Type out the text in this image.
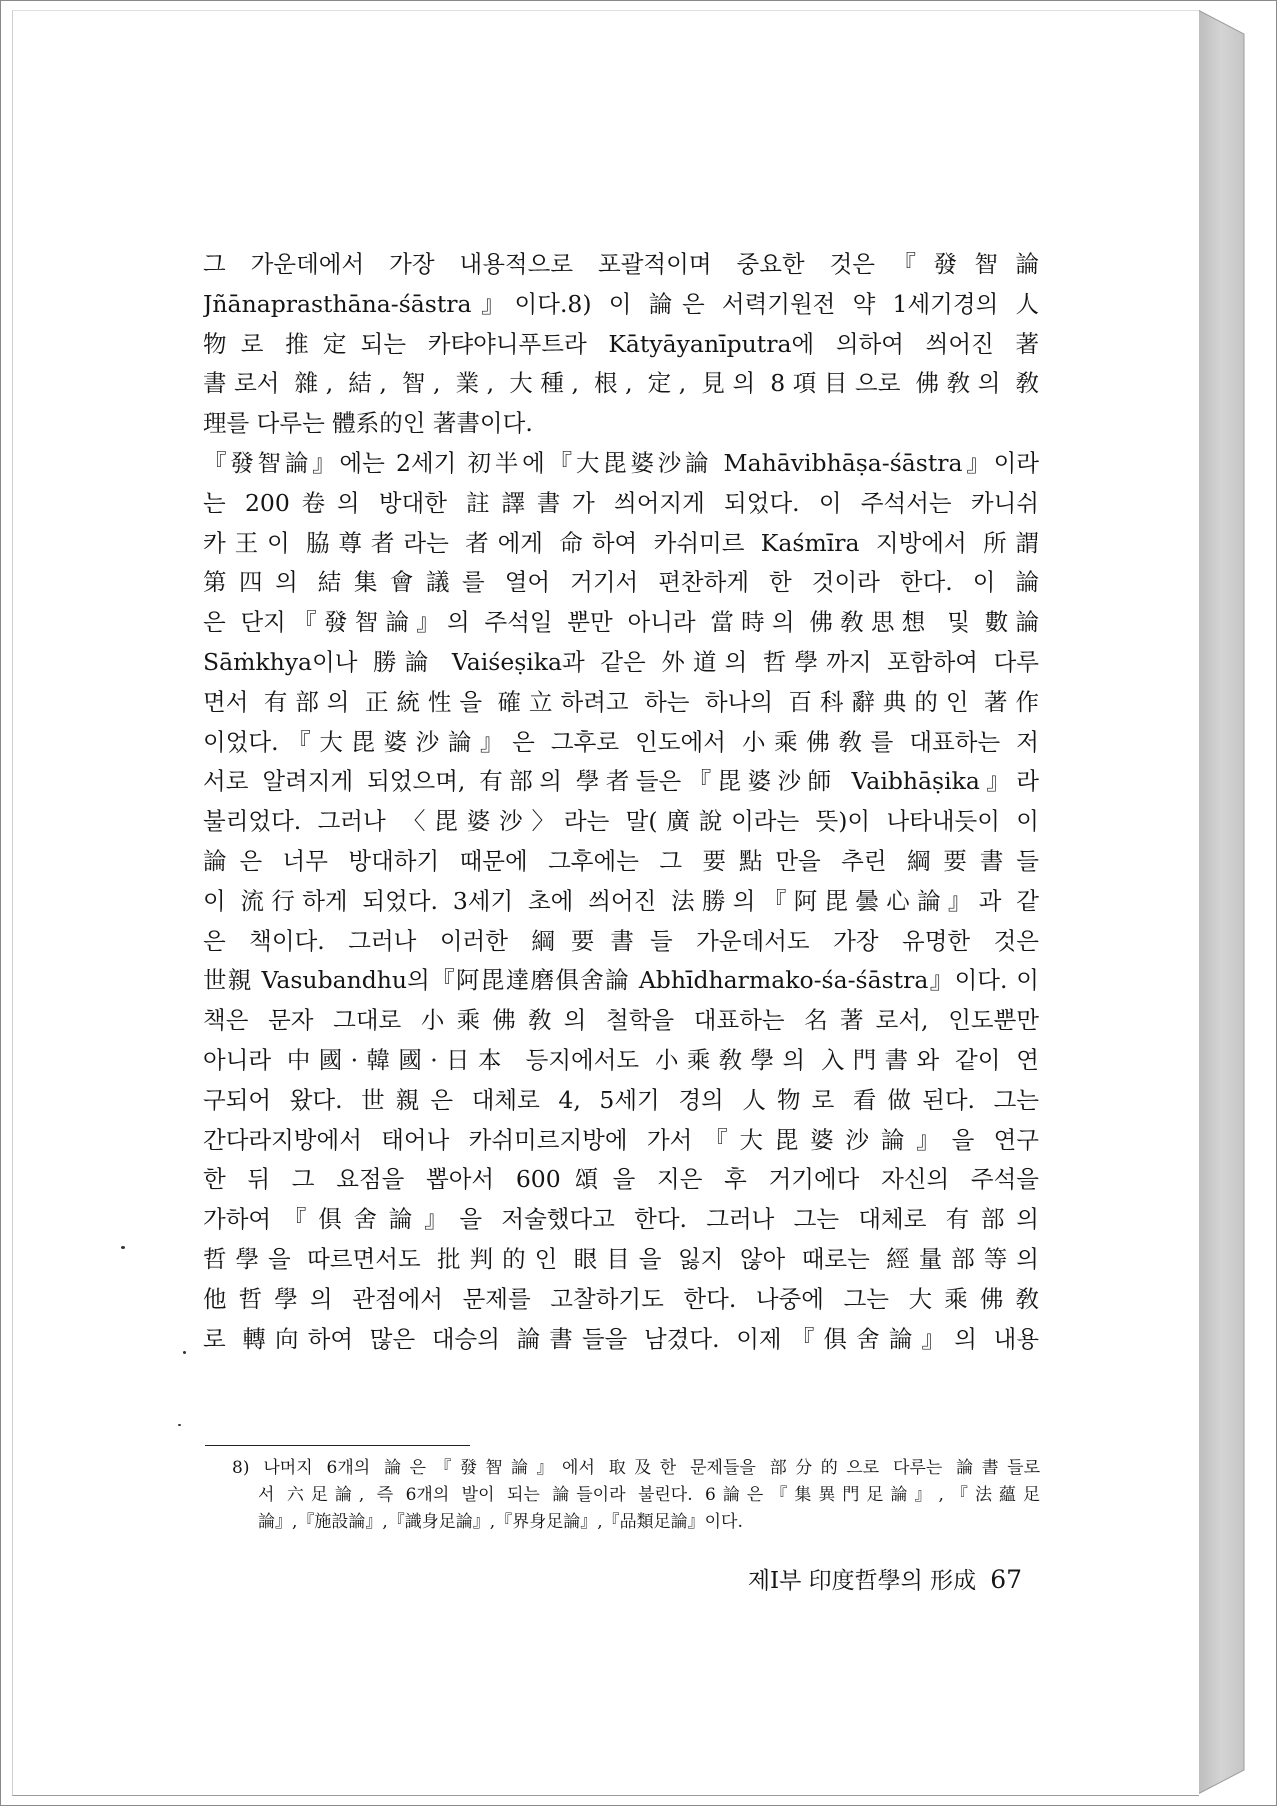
그 가운데에서 가장 내용적으로 포괄적이며 중요한 것은『發智論
Jñānaprasthāna-śāstra』이다.8) 이 論은 서력기원전 약 1세기경의 人
物로 推定되는 카탸야니푸트라 Kātyāyanīputra에 의하여 씌어진 著
書로서 雜, 結, 智, 業, 大種, 根, 定, 見의 8項目으로 佛敎의 敎
理를 다루는 體系的인 著書이다.
『發智論』에는 2세기 初半에『大毘婆沙論 Mahāvibhāṣa-śāstra』이라
는 200卷의 방대한 註譯書가 씌어지게 되었다. 이 주석서는 카니쉬
카王이 脇尊者라는 者에게 命하여 카쉬미르 Kaśmīra 지방에서 所謂
第四의 結集會議를 열어 거기서 편찬하게 한 것이라 한다. 이 論
은 단지『發智論』의 주석일 뿐만 아니라 當時의 佛敎思想 및 數論
Sāṁkhya이나 勝論 Vaiśeṣika과 같은 外道의 哲學까지 포함하여 다루
면서 有部의 正統性을 確立하려고 하는 하나의 百科辭典的인 著作
이었다.『大毘婆沙論』은 그후로 인도에서 小乘佛敎를 대표하는 저
서로 알려지게 되었으며, 有部의 學者들은『毘婆沙師 Vaibhāṣika』라
불리었다. 그러나 〈毘婆沙〉라는 말(廣說이라는 뜻)이 나타내듯이 이
論은 너무 방대하기 때문에 그후에는 그 要點만을 추린 綱要書들
이 流行하게 되었다. 3세기 초에 씌어진 法勝의『阿毘曇心論』과 같
은 책이다. 그러나 이러한 綱要書들 가운데서도 가장 유명한 것은
世親 Vasubandhu의『阿毘達磨俱舍論 Abhīdharmako-śa-śāstra』이다. 이
책은 문자 그대로 小乘佛敎의 철학을 대표하는 名著로서, 인도뿐만
아니라 中國·韓國·日本 등지에서도 小乘敎學의 入門書와 같이 연
구되어 왔다. 世親은 대체로 4, 5세기 경의 人物로 看做된다. 그는
간다라지방에서 태어나 카쉬미르지방에 가서『大毘婆沙論』을 연구
한 뒤 그 요점을 뽑아서 600頌을 지은 후 거기에다 자신의 주석을
가하여『俱舍論』을 저술했다고 한다. 그러나 그는 대체로 有部의
哲學을 따르면서도 批判的인 眼目을 잃지 않아 때로는 經量部等의
他哲學의 관점에서 문제를 고찰하기도 한다. 나중에 그는 大乘佛敎
로 轉向하여 많은 대승의 論書들을 남겼다. 이제『俱舍論』의 내용
8) 나머지 6개의 論은『發智論』에서 取及한 문제들을 部分的으로 다루는 論書들로
서 六足論, 즉 6개의 발이 되는 論들이라 불린다. 6論은『集異門足論』,『法蘊足
論』,『施設論』,『識身足論』,『界身足論』,『品類足論』이다.
제Ⅰ부 印度哲學의 形成 67
